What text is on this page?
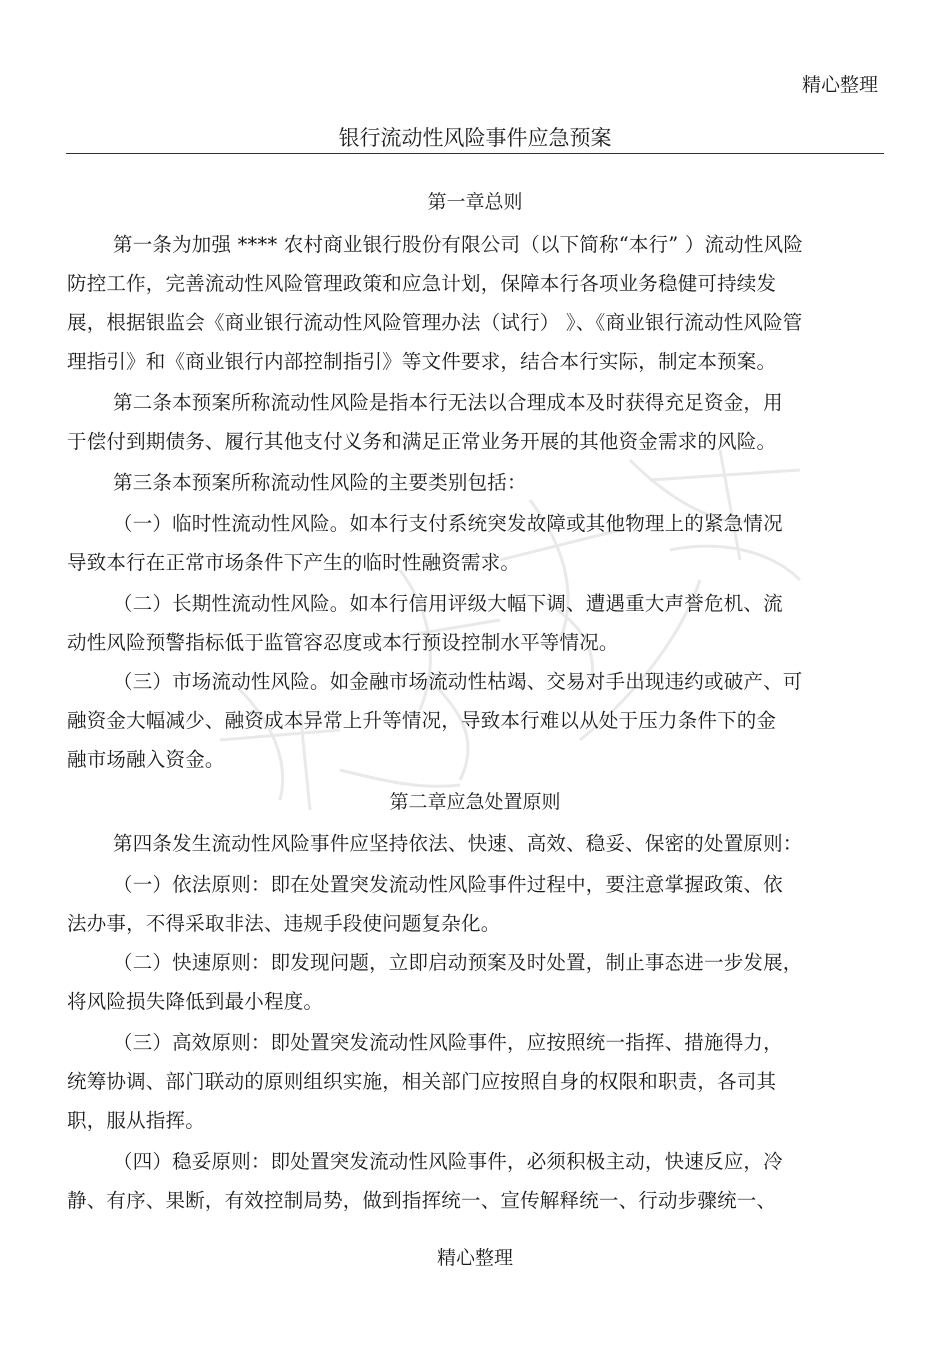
精心整理
银行流动性风险事件应急预案
第一章总则
第一条为加强 **** 农村商业银行股份有限公司（以下简称“本行” ）流动性风险
防控工作，完善流动性风险管理政策和应急计划，保障本行各项业务稳健可持续发
展，根据银监会《商业银行流动性风险管理办法（试行） 》、《商业银行流动性风险管
理指引》和《商业银行内部控制指引》等文件要求，结合本行实际，制定本预案。
第二条本预案所称流动性风险是指本行无法以合理成本及时获得充足资金，用
于偿付到期债务、履行其他支付义务和满足正常业务开展的其他资金需求的风险。
第三条本预案所称流动性风险的主要类别包括：
（一）临时性流动性风险。如本行支付系统突发故障或其他物理上的紧急情况
导致本行在正常市场条件下产生的临时性融资需求。
（二）长期性流动性风险。如本行信用评级大幅下调、遭遇重大声誉危机、流
动性风险预警指标低于监管容忍度或本行预设控制水平等情况。
（三）市场流动性风险。如金融市场流动性枯竭、交易对手出现违约或破产、可
融资金大幅减少、融资成本异常上升等情况，导致本行难以从处于压力条件下的金
融市场融入资金。
第二章应急处置原则
第四条发生流动性风险事件应坚持依法、快速、高效、稳妥、保密的处置原则：
（一）依法原则：即在处置突发流动性风险事件过程中，要注意掌握政策、依
法办事，不得采取非法、违规手段使问题复杂化。
（二）快速原则：即发现问题，立即启动预案及时处置，制止事态进一步发展，
将风险损失降低到最小程度。
（三）高效原则：即处置突发流动性风险事件，应按照统一指挥、措施得力，
统筹协调、部门联动的原则组织实施，相关部门应按照自身的权限和职责，各司其
职，服从指挥。
（四）稳妥原则：即处置突发流动性风险事件，必须积极主动，快速反应，冷
静、有序、果断，有效控制局势，做到指挥统一、宣传解释统一、行动步骤统一、
精心整理
